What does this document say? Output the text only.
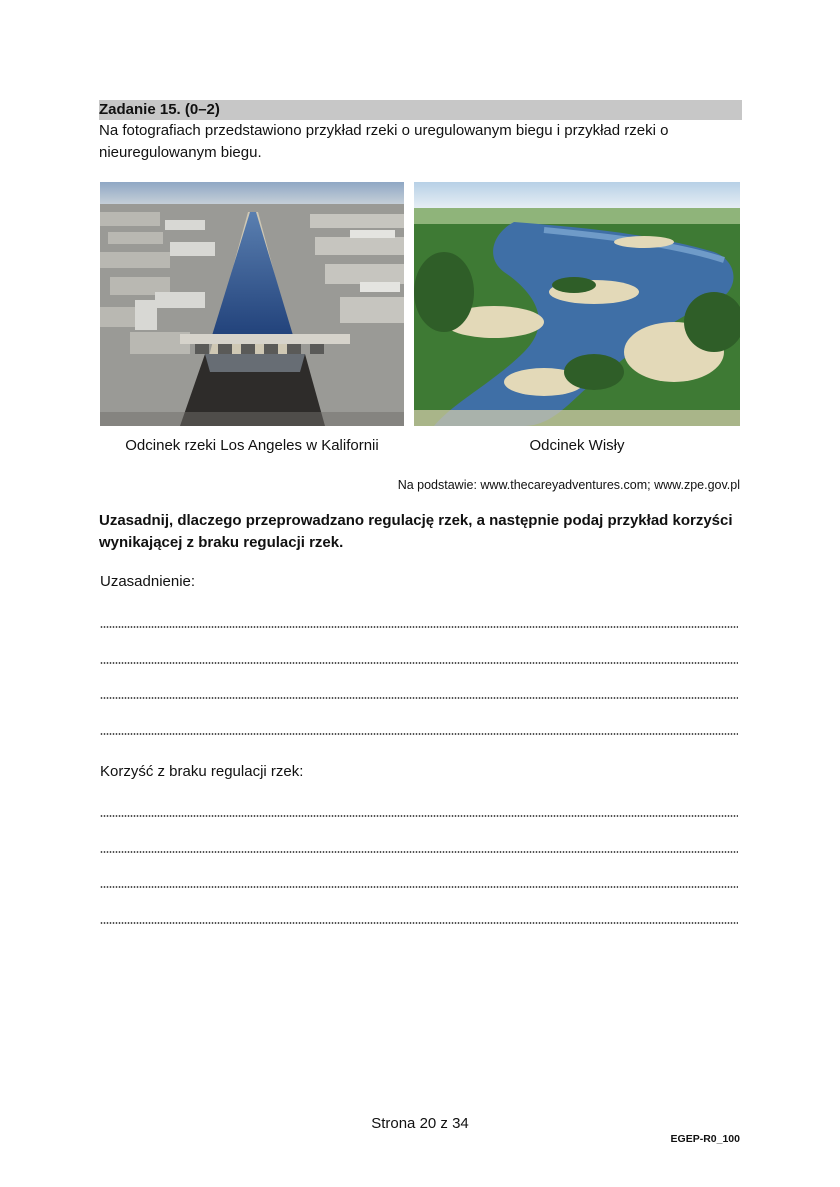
Zadanie 15. (0–2)
Na fotografiach przedstawiono przykład rzeki o uregulowanym biegu i przykład rzeki o nieuregulowanym biegu.
Odcinek rzeki Los Angeles w Kalifornii	Odcinek Wisły
Na podstawie: www.thecareyadventures.com; www.zpe.gov.pl
Uzasadnij, dlaczego przeprowadzano regulację rzek, a następnie podaj przykład korzyści wynikającej z braku regulacji rzek.
Uzasadnienie:
Korzyść z braku regulacji rzek:
Strona 20 z 34
EGEP-R0_100
